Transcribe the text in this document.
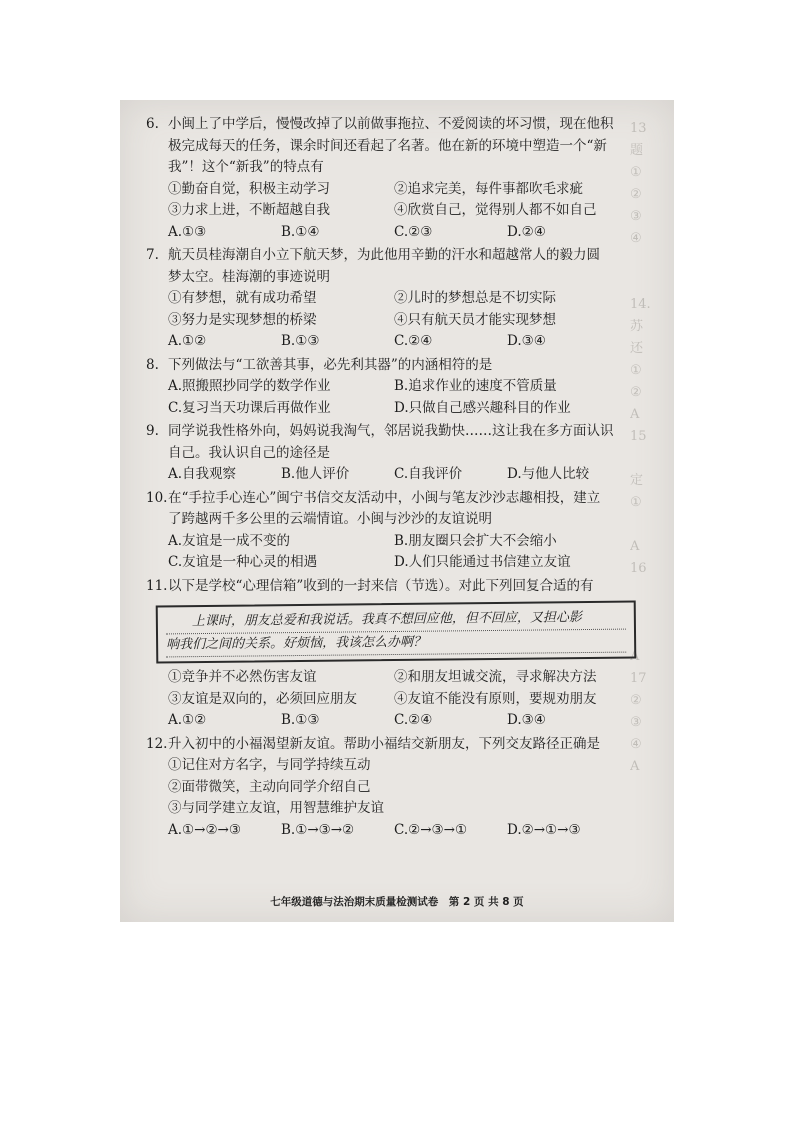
13
题
①
②
③
④

14.
苏
还
①
②
A
15

定
①

A
16

A
17
②
③
④
A
6. 小闽上了中学后，慢慢改掉了以前做事拖拉、不爱阅读的坏习惯，现在他积
极完成每天的任务，课余时间还看起了名著。他在新的环境中塑造一个“新
我”！这个“新我”的特点有
①勤奋自觉，积极主动学习	②追求完美，每件事都吹毛求疵
③力求上进，不断超越自我	④欣赏自己，觉得别人都不如自己
A.①③	B.①④	C.②③	D.②④
7. 航天员桂海潮自小立下航天梦，为此他用辛勤的汗水和超越常人的毅力圆
梦太空。桂海潮的事迹说明
①有梦想，就有成功希望	②儿时的梦想总是不切实际
③努力是实现梦想的桥梁	④只有航天员才能实现梦想
A.①②	B.①③	C.②④	D.③④
8. 下列做法与“工欲善其事，必先利其器”的内涵相符的是
A.照搬照抄同学的数学作业	B.追求作业的速度不管质量
C.复习当天功课后再做作业	D.只做自己感兴趣科目的作业
9. 同学说我性格外向，妈妈说我淘气，邻居说我勤快……这让我在多方面认识
自己。我认识自己的途径是
A.自我观察	B.他人评价	C.自我评价	D.与他人比较
10.在“手拉手心连心”闽宁书信交友活动中，小闽与笔友沙沙志趣相投，建立
了跨越两千多公里的云端情谊。小闽与沙沙的友谊说明
A.友谊是一成不变的	B.朋友圈只会扩大不会缩小
C.友谊是一种心灵的相遇	D.人们只能通过书信建立友谊
11.以下是学校“心理信箱”收到的一封来信（节选）。对此下列回复合适的有
上课时，朋友总爱和我说话。我真不想回应他，但不回应，又担心影
响我们之间的关系。好烦恼，我该怎么办啊？
①竞争并不必然伤害友谊	②和朋友坦诚交流，寻求解决方法
③友谊是双向的，必须回应朋友	④友谊不能没有原则，要规劝朋友
A.①②	B.①③	C.②④	D.③④
12.升入初中的小福渴望新友谊。帮助小福结交新朋友，下列交友路径正确是
①记住对方名字，与同学持续互动
②面带微笑，主动向同学介绍自己
③与同学建立友谊，用智慧维护友谊
A.①→②→③	B.①→③→②	C.②→③→①	D.②→①→③
七年级道德与法治期末质量检测试卷　第 2 页 共 8 页
